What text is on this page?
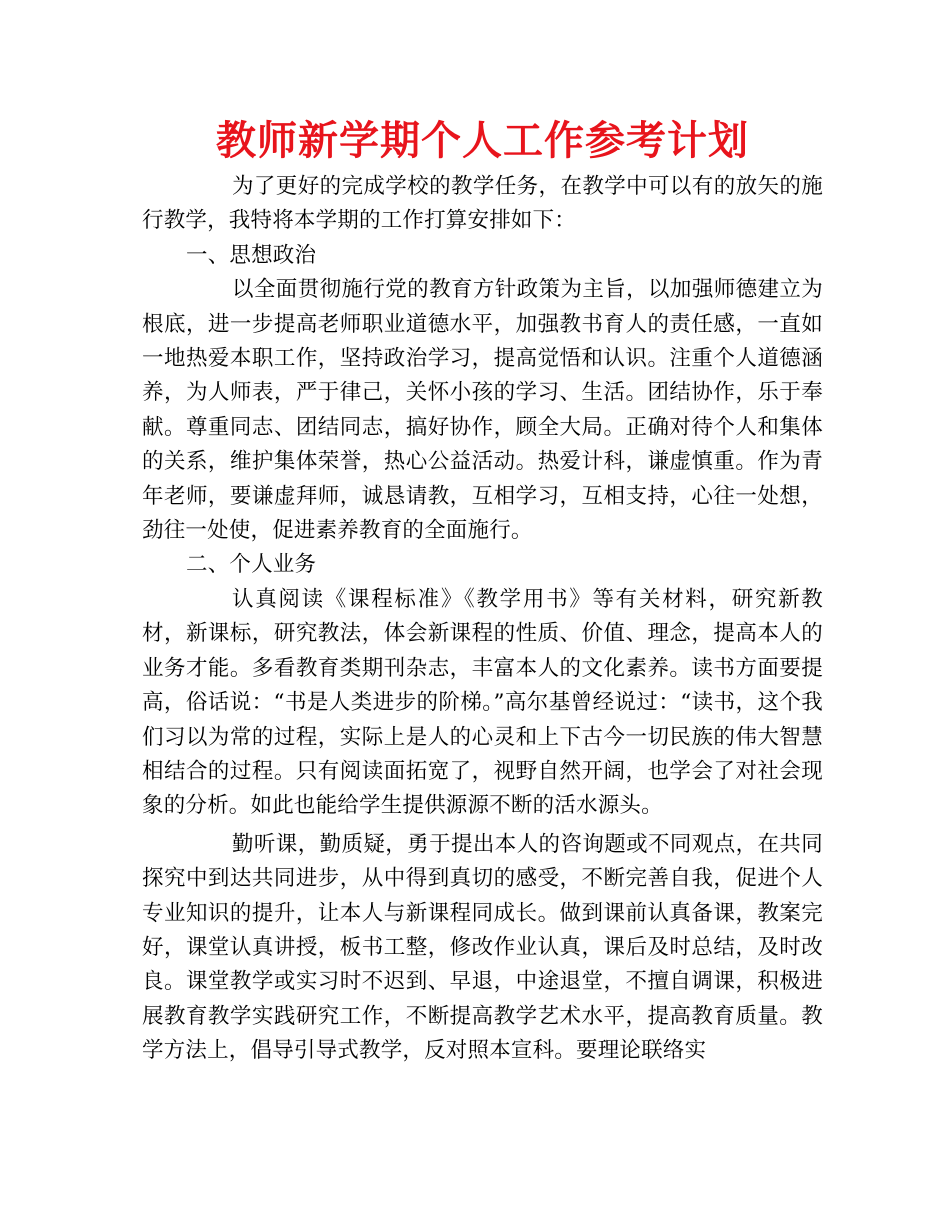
教师新学期个人工作参考计划

为了更好的完成学校的教学任务，在教学中可以有的放矢的施行教学，我特将本学期的工作打算安排如下：

一、思想政治

以全面贯彻施行党的教育方针政策为主旨，以加强师德建立为根底，进一步提高老师职业道德水平，加强教书育人的责任感，一直如一地热爱本职工作，坚持政治学习，提高觉悟和认识。注重个人道德涵养，为人师表，严于律己，关怀小孩的学习、生活。团结协作，乐于奉献。尊重同志、团结同志，搞好协作，顾全大局。正确对待个人和集体的关系，维护集体荣誉，热心公益活动。热爱计科，谦虚慎重。作为青年老师，要谦虚拜师，诚恳请教，互相学习，互相支持，心往一处想，劲往一处使，促进素养教育的全面施行。

二、个人业务

认真阅读《课程标准》《教学用书》等有关材料，研究新教材，新课标，研究教法，体会新课程的性质、价值、理念，提高本人的业务才能。多看教育类期刊杂志，丰富本人的文化素养。读书方面要提高，俗话说：“书是人类进步的阶梯。”高尔基曾经说过：“读书，这个我们习以为常的过程，实际上是人的心灵和上下古今一切民族的伟大智慧相结合的过程。只有阅读面拓宽了，视野自然开阔，也学会了对社会现象的分析。如此也能给学生提供源源不断的活水源头。

勤听课，勤质疑，勇于提出本人的咨询题或不同观点，在共同探究中到达共同进步，从中得到真切的感受，不断完善自我，促进个人专业知识的提升，让本人与新课程同成长。做到课前认真备课，教案完好，课堂认真讲授，板书工整，修改作业认真，课后及时总结，及时改良。课堂教学或实习时不迟到、早退，中途退堂，不擅自调课，积极进展教育教学实践研究工作，不断提高教学艺术水平，提高教育质量。教学方法上，倡导引导式教学，反对照本宣科。要理论联络实
